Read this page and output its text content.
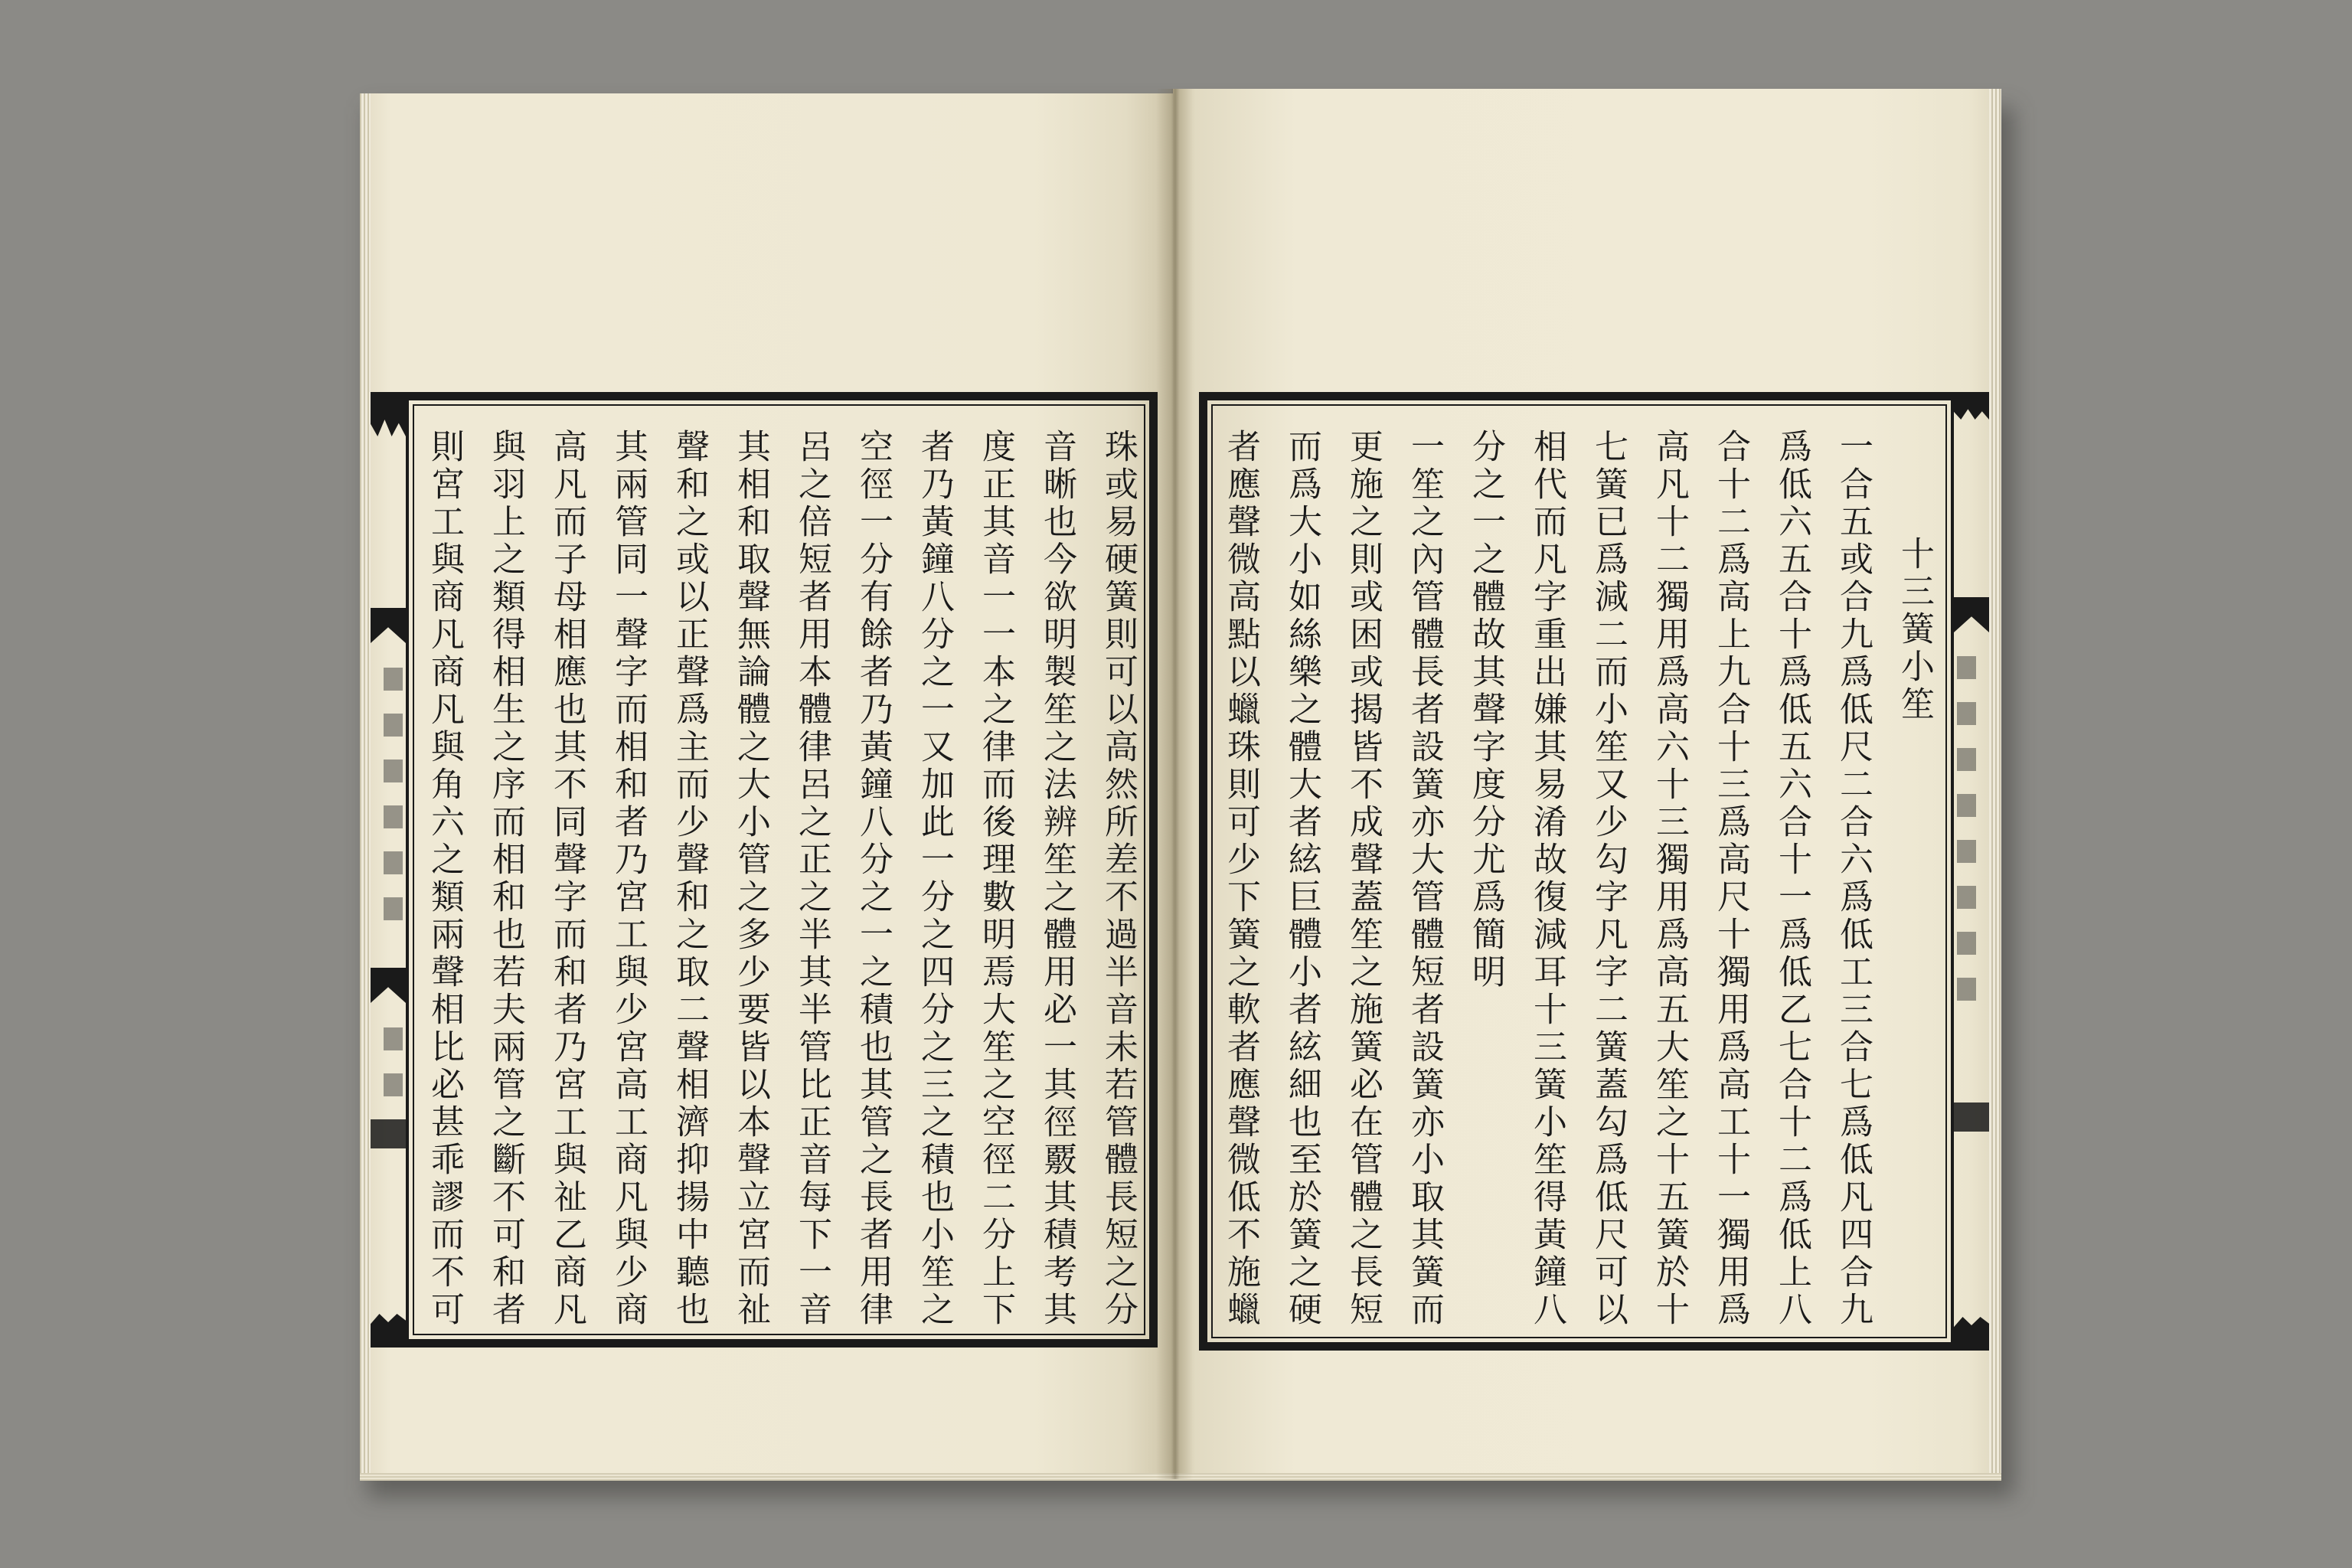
珠或易硬簧則可以高然所差不過半音未若管體長短之分
音晰也今欲明製笙之法辨笙之體用必一其徑覈其積考其
度正其音一一本之律而後理數明焉大笙之空徑二分上下
者乃黃鐘八分之一又加此一分之四分之三之積也小笙之
空徑一分有餘者乃黃鐘八分之一之積也其管之長者用律
呂之倍短者用本體律呂之正之半其半管比正音每下一音
其相和取聲無論體之大小管之多少要皆以本聲立宮而祉
聲和之或以正聲爲主而少聲和之取二聲相濟抑揚中聽也
其兩管同一聲字而相和者乃宮工與少宮高工商凡與少商
高凡而子母相應也其不同聲字而和者乃宮工與祉乙商凡
與羽上之類得相生之序而相和也若夫兩管之斷不可和者
則宮工與商凡商凡與角六之類兩聲相比必甚乖謬而不可	十三簧小笙
一合五或合九爲低尺二合六爲低工三合七爲低凡四合九
爲低六五合十爲低五六合十一爲低乙七合十二爲低上八
合十二爲高上九合十三爲高尺十獨用爲高工十一獨用爲
高凡十二獨用爲高六十三獨用爲高五大笙之十五簧於十
七簧已爲減二而小笙又少勾字凡字二簧蓋勾爲低尺可以
相代而凡字重出嫌其易淆故復減耳十三簧小笙得黃鐘八
分之一之體故其聲字度分尤爲簡明
一笙之內管體長者設簧亦大管體短者設簧亦小取其簧而
更施之則或困或揭皆不成聲蓋笙之施簧必在管體之長短
而爲大小如絲樂之體大者絃巨體小者絃細也至於簧之硬
者應聲微高點以蠟珠則可少下簧之軟者應聲微低不施蠟
